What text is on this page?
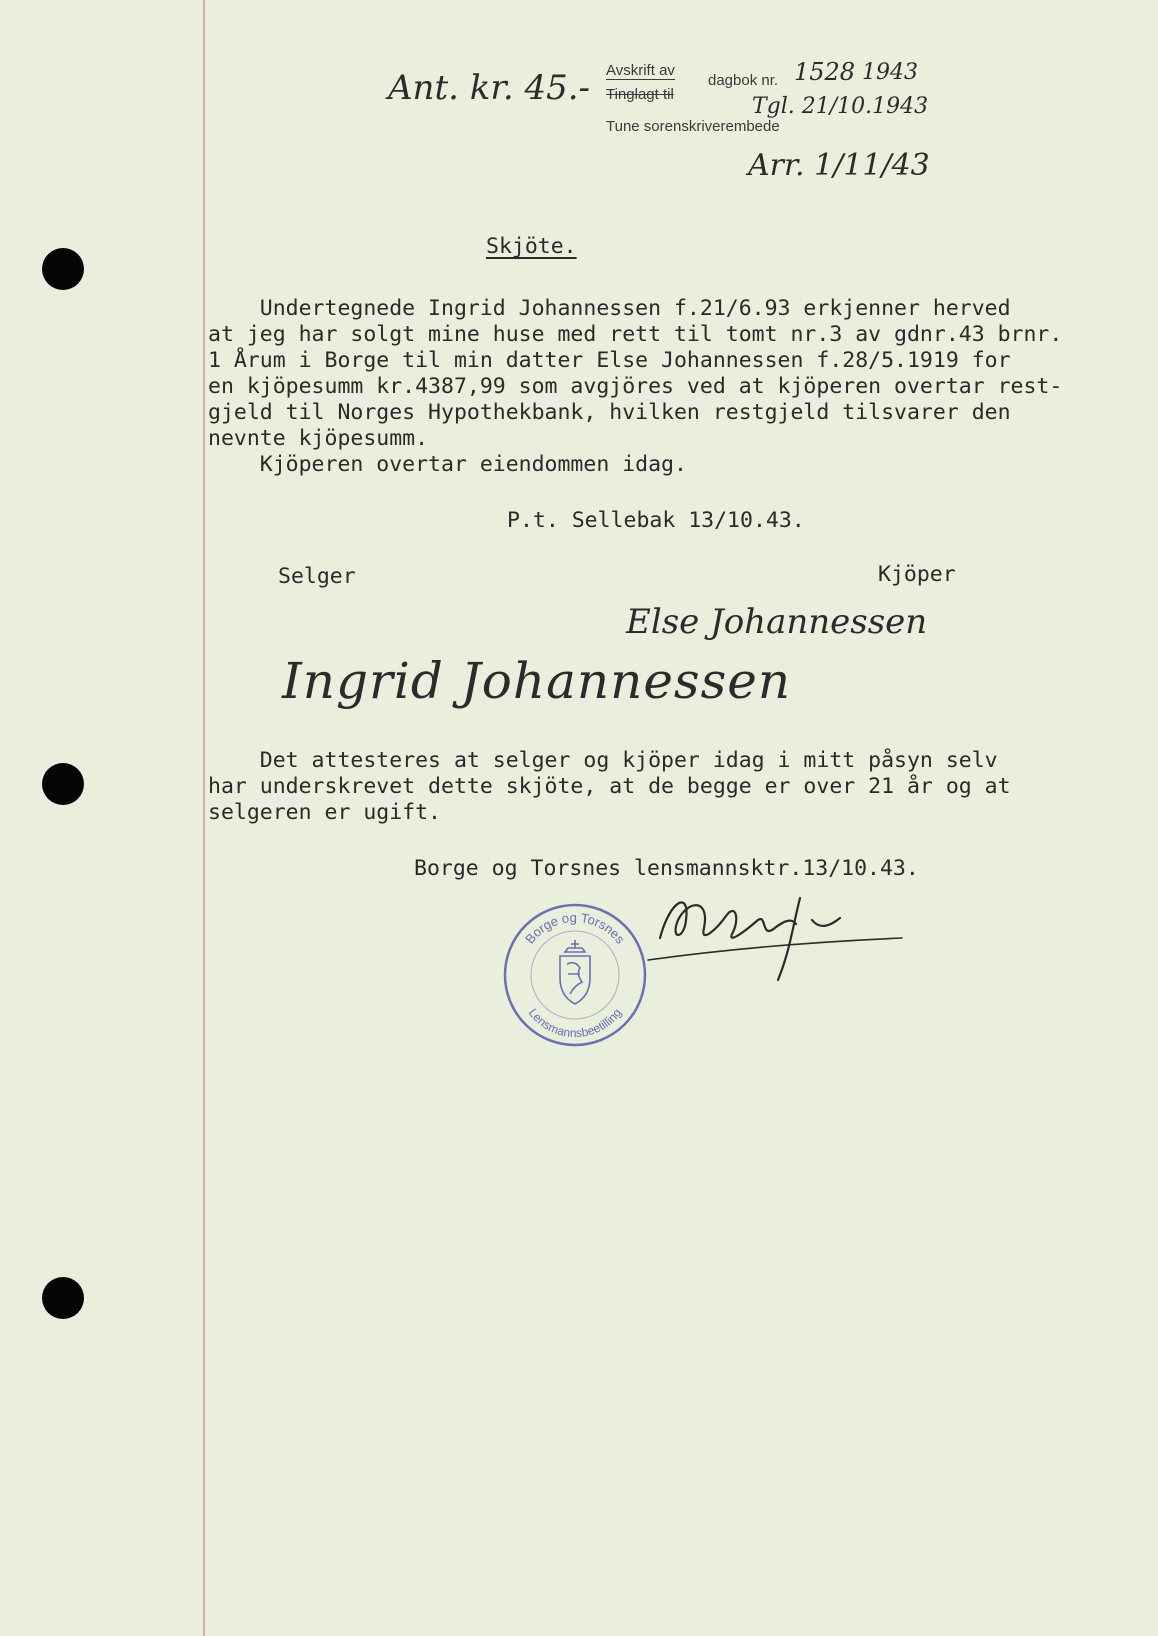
Ant. kr. 45.- Avskrift av
Tinglagt til
dagbok nr. 1528 1943
Tgl. 21/10.1943
Tune sorenskriverembede
Arr. 1/11/43
Skjöte.
Undertegnede Ingrid Johannessen f.21/6.93 erkjenner herved
at jeg har solgt mine huse med rett til tomt nr.3 av gdnr.43 brnr.
1 Årum i Borge til min datter Else Johannessen f.28/5.1919 for
en kjöpesumm kr.4387,99 som avgjöres ved at kjöperen overtar rest-
gjeld til Norges Hypothekbank, hvilken restgjeld tilsvarer den
nevnte kjöpesumm.
Kjöperen overtar eiendommen idag.
P.t. Sellebak 13/10.43.
Selger	Kjöper
Else Johannessen
Ingrid Johannessen
Det attesteres at selger og kjöper idag i mitt påsyn selv
har underskrevet dette skjöte, at de begge er over 21 år og at
selgeren er ugift.
Borge og Torsnes lensmannsktr.13/10.43.
Borge og Torsnes
Lensmannsbeetilling
